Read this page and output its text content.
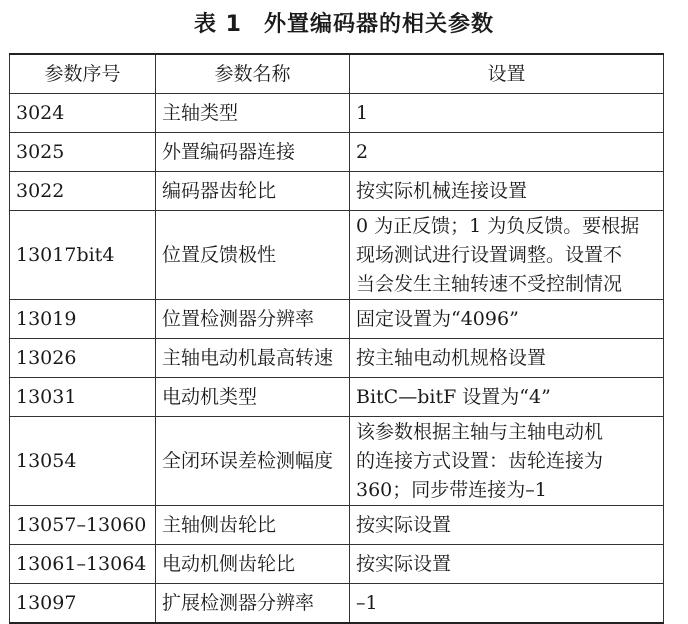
表 1 外置编码器的相关参数
参数序号	参数名称	设置
3024	主轴类型	1
3025	外置编码器连接	2
3022	编码器齿轮比	按实际机械连接设置
13017bit4	位置反馈极性	0 为正反馈；1 为负反馈。要根据
现场测试进行设置调整。设置不
当会发生主轴转速不受控制情况

13019	位置检测器分辨率	固定设置为“4096”
13026	主轴电动机最高转速	按主轴电动机规格设置
13031	电动机类型	BitC—bitF 设置为“4”
13054	全闭环误差检测幅度	该参数根据主轴与主轴电动机
的连接方式设置：齿轮连接为
360；同步带连接为–1

13057–13060	主轴侧齿轮比	按实际设置
13061–13064	电动机侧齿轮比	按实际设置
13097	扩展检测器分辨率	–1
